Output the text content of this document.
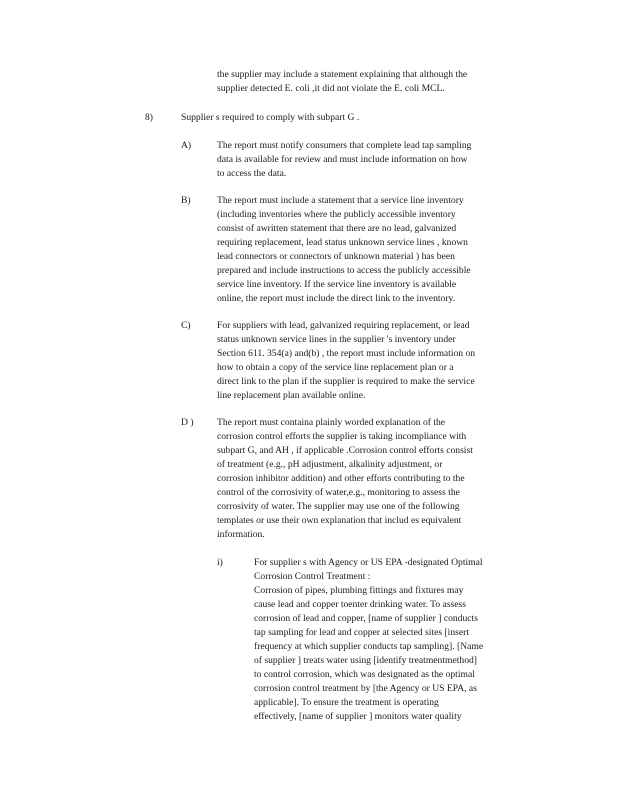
the supplier may include a statement explaining that although the
supplier detected E. coli ,it did not violate the E. coli MCL.
8)	Supplier s required to comply with subpart G .
A)	The report must notify consumers that complete lead tap sampling
data is available for review and must include information on how
to access the data.
B)	The report must include a statement that a service line inventory
(including inventories where the publicly accessible inventory
consist of awritten statement that there are no lead, galvanized
requiring replacement, lead status unknown service lines , known
lead connectors or connectors of unknown material ) has been
prepared and include instructions to access the publicly accessible
service line inventory. If the service line inventory is available
online, the report must include the direct link to the inventory.
C)	For suppliers with lead, galvanized requiring replacement, or lead
status unknown service lines in the supplier 's inventory under
Section 611. 354(a) and(b) , the report must include information on
how to obtain a copy of the service line replacement plan or a
direct link to the plan if the supplier is required to make the service
line replacement plan available online.
D ) The report must containa plainly worded explanation of the
corrosion control efforts the supplier is taking incompliance with
subpart G, and AH , if applicable .Corrosion control efforts consist
of treatment (e.g., pH adjustment, alkalinity adjustment, or
corrosion inhibitor addition) and other efforts contributing to the
control of the corrosivity of water,e.g., monitoring to assess the
corrosivity of water. The supplier may use one of the following
templates or use their own explanation that includ es equivalent
information.
i)	For supplier s with Agency or US EPA -designated Optimal
Corrosion Control Treatment :
Corrosion of pipes, plumbing fittings and fixtures may
cause lead and copper toenter drinking water. To assess
corrosion of lead and copper, [name of supplier ] conducts
tap sampling for lead and copper at selected sites [insert
frequency at which supplier conducts tap sampling]. [Name
of supplier ] treats water using [identify treatmentmethod]
to control corrosion, which was designated as the optimal
corrosion control treatment by [the Agency or US EPA, as
applicable]. To ensure the treatment is operating
effectively, [name of supplier ] monitors water quality
